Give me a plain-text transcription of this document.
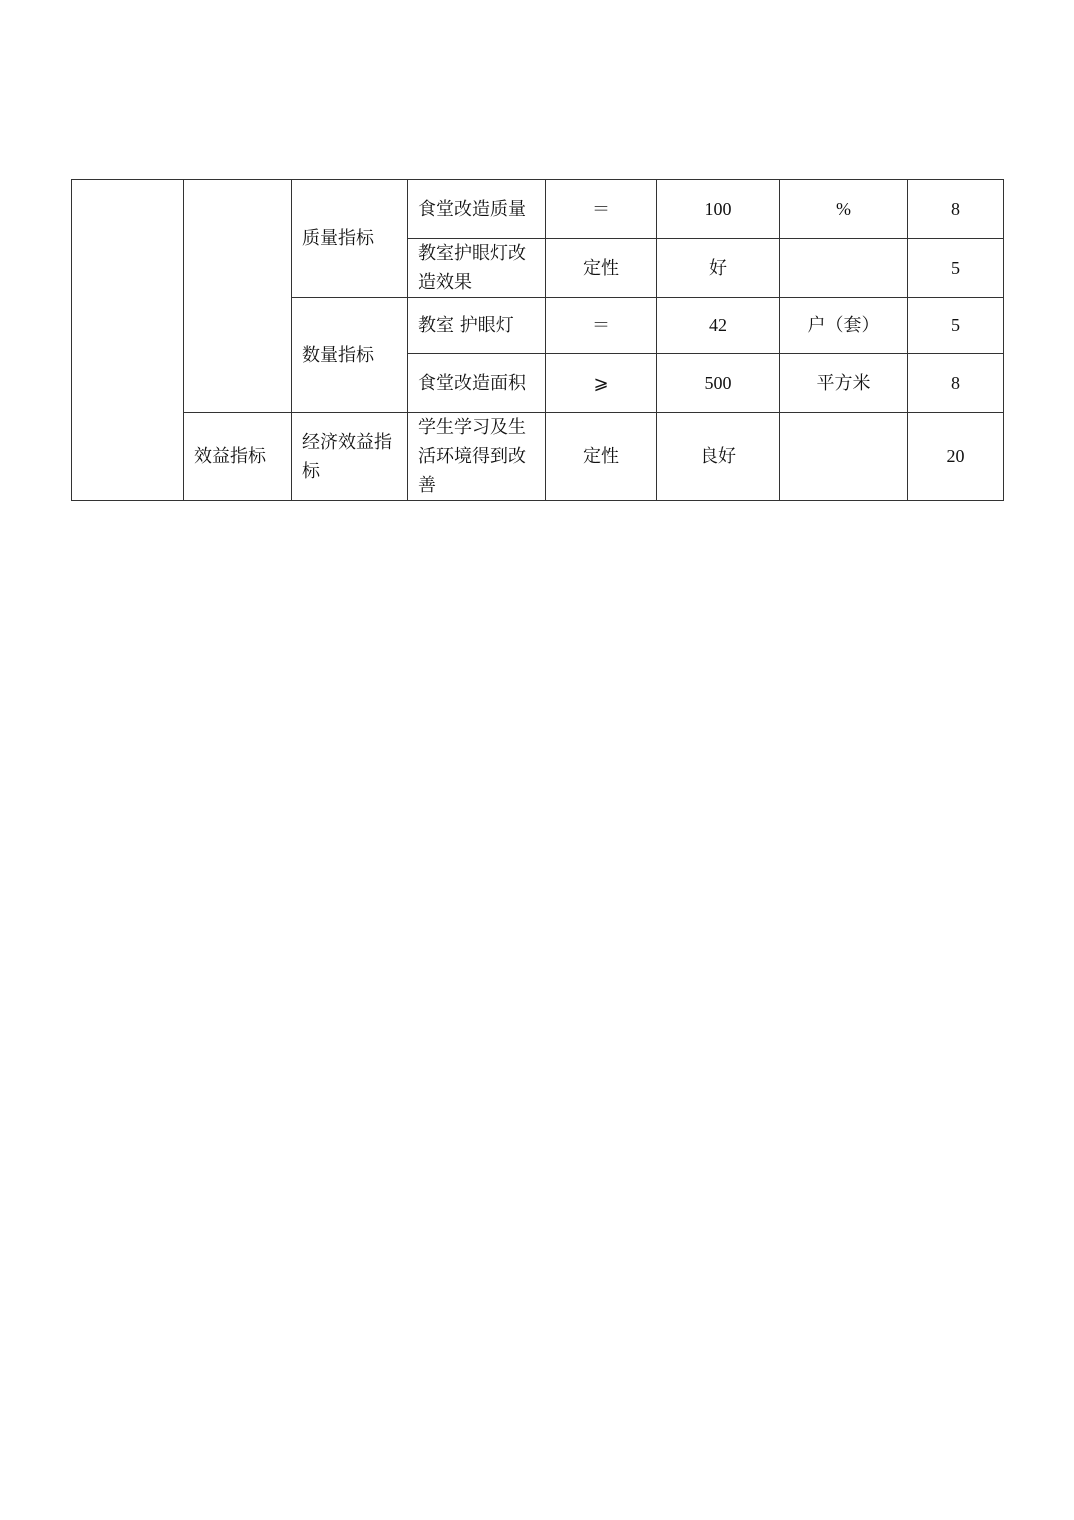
		质量指标	食堂改造质量	＝	100	%	8
			教室护眼灯改造效果	定性	好		5
		数量指标	教室 护眼灯	＝	42	户（套）	5
			食堂改造面积	⩾	500	平方米	8
	效益指标	经济效益指标	学生学习及生活环境得到改善	定性	良好		20
